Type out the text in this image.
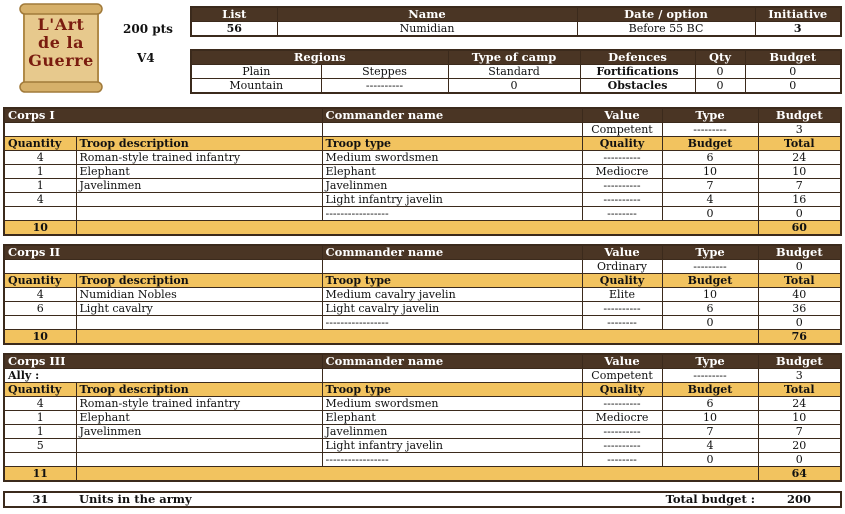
L'Art
de la
Guerre
200 pts
V4
List	Name	Date / option	Initiative
56	Numidian	Before 55 BC	3
Regions		Type of camp	Defences	Qty	Budget
Plain	Steppes	Standard	Fortifications	0	0
Mountain	----------	0	Obstacles	0	0
Corps I		Commander name	Value	Type	Budget
			Competent	---------	3
Quantity	Troop description	Troop type	Quality	Budget	Total
4	Roman-style trained infantry	Medium swordsmen	----------	6	24
1	Elephant	Elephant	Mediocre	10	10
1	Javelinmen	Javelinmen	----------	7	7
4		Light infantry javelin	----------	4	16
		-----------------	--------	0	0
10					60
Corps II		Commander name	Value	Type	Budget
			Ordinary	---------	0
Quantity	Troop description	Troop type	Quality	Budget	Total
4	Numidian Nobles	Medium cavalry javelin	Elite	10	40
6	Light cavalry	Light cavalry javelin	----------	6	36
		-----------------	--------	0	0
10					76
Corps III		Commander name	Value	Type	Budget
Ally :			Competent	---------	3
Quantity	Troop description	Troop type	Quality	Budget	Total
4	Roman-style trained infantry	Medium swordsmen	----------	6	24
1	Elephant	Elephant	Mediocre	10	10
1	Javelinmen	Javelinmen	----------	7	7
5		Light infantry javelin	----------	4	20
		-----------------	--------	0	0
11					64
31	Units in the army	Total budget :	200
